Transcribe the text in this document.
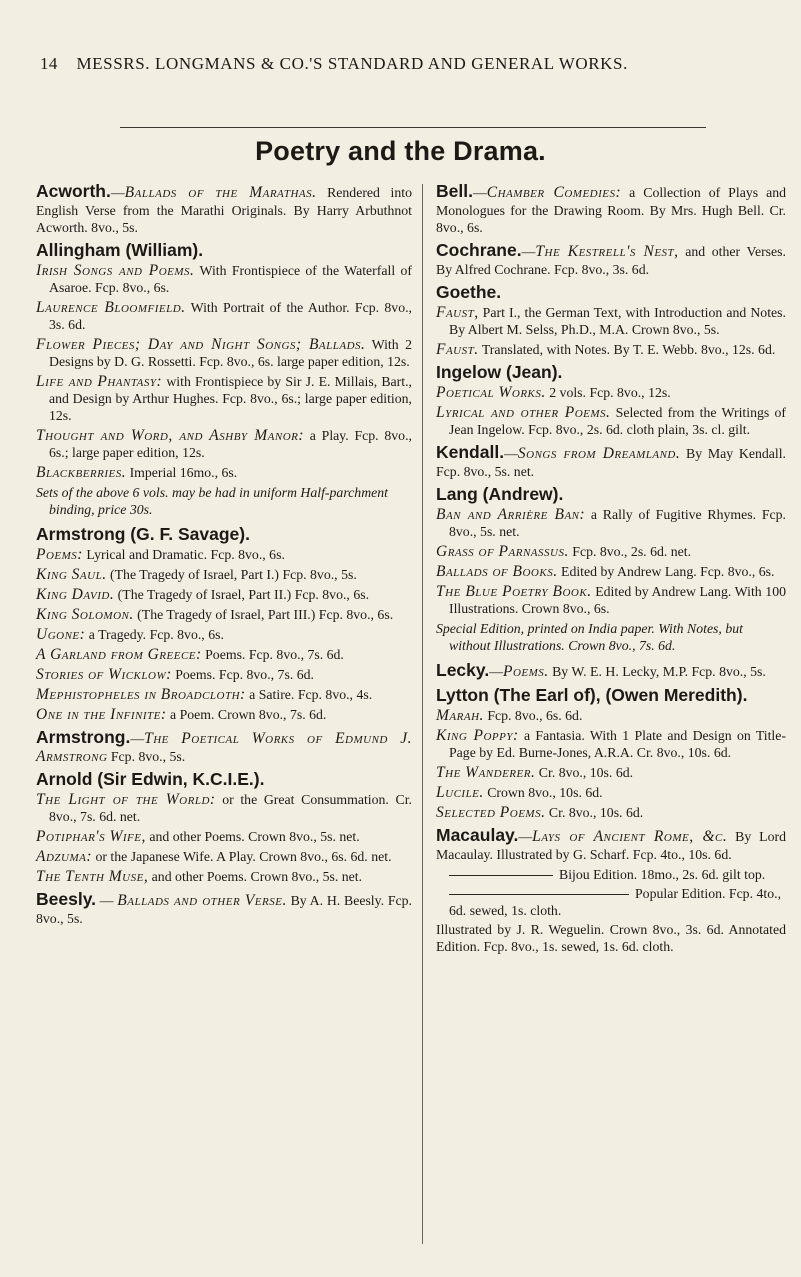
14 MESSRS. LONGMANS & CO.'S STANDARD AND GENERAL WORKS.
Poetry and the Drama.
Acworth.—Ballads of the Marathas. Rendered into English Verse from the Marathi Originals. By Harry Arbuthnot Acworth. 8vo., 5s.
Allingham (William).
Irish Songs and Poems. With Frontispiece of the Waterfall of Asaroe. Fcp. 8vo., 6s.
Laurence Bloomfield. With Portrait of the Author. Fcp. 8vo., 3s. 6d.
Flower Pieces; Day and Night Songs; Ballads. With 2 Designs by D. G. Rossetti. Fcp. 8vo., 6s. large paper edition, 12s.
Life and Phantasy: with Frontispiece by Sir J. E. Millais, Bart., and Design by Arthur Hughes. Fcp. 8vo., 6s.; large paper edition, 12s.
Thought and Word, and Ashby Manor: a Play. Fcp. 8vo., 6s.; large paper edition, 12s.
Blackberries. Imperial 16mo., 6s.
Sets of the above 6 vols. may be had in uniform Half-parchment binding, price 30s.
Armstrong (G. F. Savage).
Poems: Lyrical and Dramatic. Fcp. 8vo., 6s.
King Saul. (The Tragedy of Israel, Part I.) Fcp. 8vo., 5s.
King David. (The Tragedy of Israel, Part II.) Fcp. 8vo., 6s.
King Solomon. (The Tragedy of Israel, Part III.) Fcp. 8vo., 6s.
Ugone: a Tragedy. Fcp. 8vo., 6s.
A Garland from Greece: Poems. Fcp. 8vo., 7s. 6d.
Stories of Wicklow: Poems. Fcp. 8vo., 7s. 6d.
Mephistopheles in Broadcloth: a Satire. Fcp. 8vo., 4s.
One in the Infinite: a Poem. Crown 8vo., 7s. 6d.
Armstrong.—The Poetical Works of Edmund J. Armstrong Fcp. 8vo., 5s.
Arnold (Sir Edwin, K.C.I.E.).
The Light of the World: or the Great Consummation. Cr. 8vo., 7s. 6d. net.
Potiphar's Wife, and other Poems. Crown 8vo., 5s. net.
Adzuma: or the Japanese Wife. A Play. Crown 8vo., 6s. 6d. net.
The Tenth Muse, and other Poems. Crown 8vo., 5s. net.
Beesly. — Ballads and other Verse. By A. H. Beesly. Fcp. 8vo., 5s.
Bell.—Chamber Comedies: a Collection of Plays and Monologues for the Drawing Room. By Mrs. Hugh Bell. Cr. 8vo., 6s.
Cochrane.—The Kestrell's Nest, and other Verses. By Alfred Cochrane. Fcp. 8vo., 3s. 6d.
Goethe.
Faust, Part I., the German Text, with Introduction and Notes. By Albert M. Selss, Ph.D., M.A. Crown 8vo., 5s.
Faust. Translated, with Notes. By T. E. Webb. 8vo., 12s. 6d.
Ingelow (Jean).
Poetical Works. 2 vols. Fcp. 8vo., 12s.
Lyrical and other Poems. Selected from the Writings of Jean Ingelow. Fcp. 8vo., 2s. 6d. cloth plain, 3s. cl. gilt.
Kendall.—Songs from Dreamland. By May Kendall. Fcp. 8vo., 5s. net.
Lang (Andrew).
Ban and Arrière Ban: a Rally of Fugitive Rhymes. Fcp. 8vo., 5s. net.
Grass of Parnassus. Fcp. 8vo., 2s. 6d. net.
Ballads of Books. Edited by Andrew Lang. Fcp. 8vo., 6s.
The Blue Poetry Book. Edited by Andrew Lang. With 100 Illustrations. Crown 8vo., 6s.
Special Edition, printed on India paper. With Notes, but without Illustrations. Crown 8vo., 7s. 6d.
Lecky.—Poems. By W. E. H. Lecky, M.P. Fcp. 8vo., 5s.
Lytton (The Earl of), (Owen Meredith).
Marah. Fcp. 8vo., 6s. 6d.
King Poppy: a Fantasia. With 1 Plate and Design on Title-Page by Ed. Burne-Jones, A.R.A. Cr. 8vo., 10s. 6d.
The Wanderer. Cr. 8vo., 10s. 6d.
Lucile. Crown 8vo., 10s. 6d.
Selected Poems. Cr. 8vo., 10s. 6d.
Macaulay.—Lays of Ancient Rome, &c. By Lord Macaulay. Illustrated by G. Scharf. Fcp. 4to., 10s. 6d.
Bijou Edition. 18mo., 2s. 6d. gilt top.
Popular Edition. Fcp. 4to., 6d. sewed, 1s. cloth.
Illustrated by J. R. Weguelin. Crown 8vo., 3s. 6d. Annotated Edition. Fcp. 8vo., 1s. sewed, 1s. 6d. cloth.
